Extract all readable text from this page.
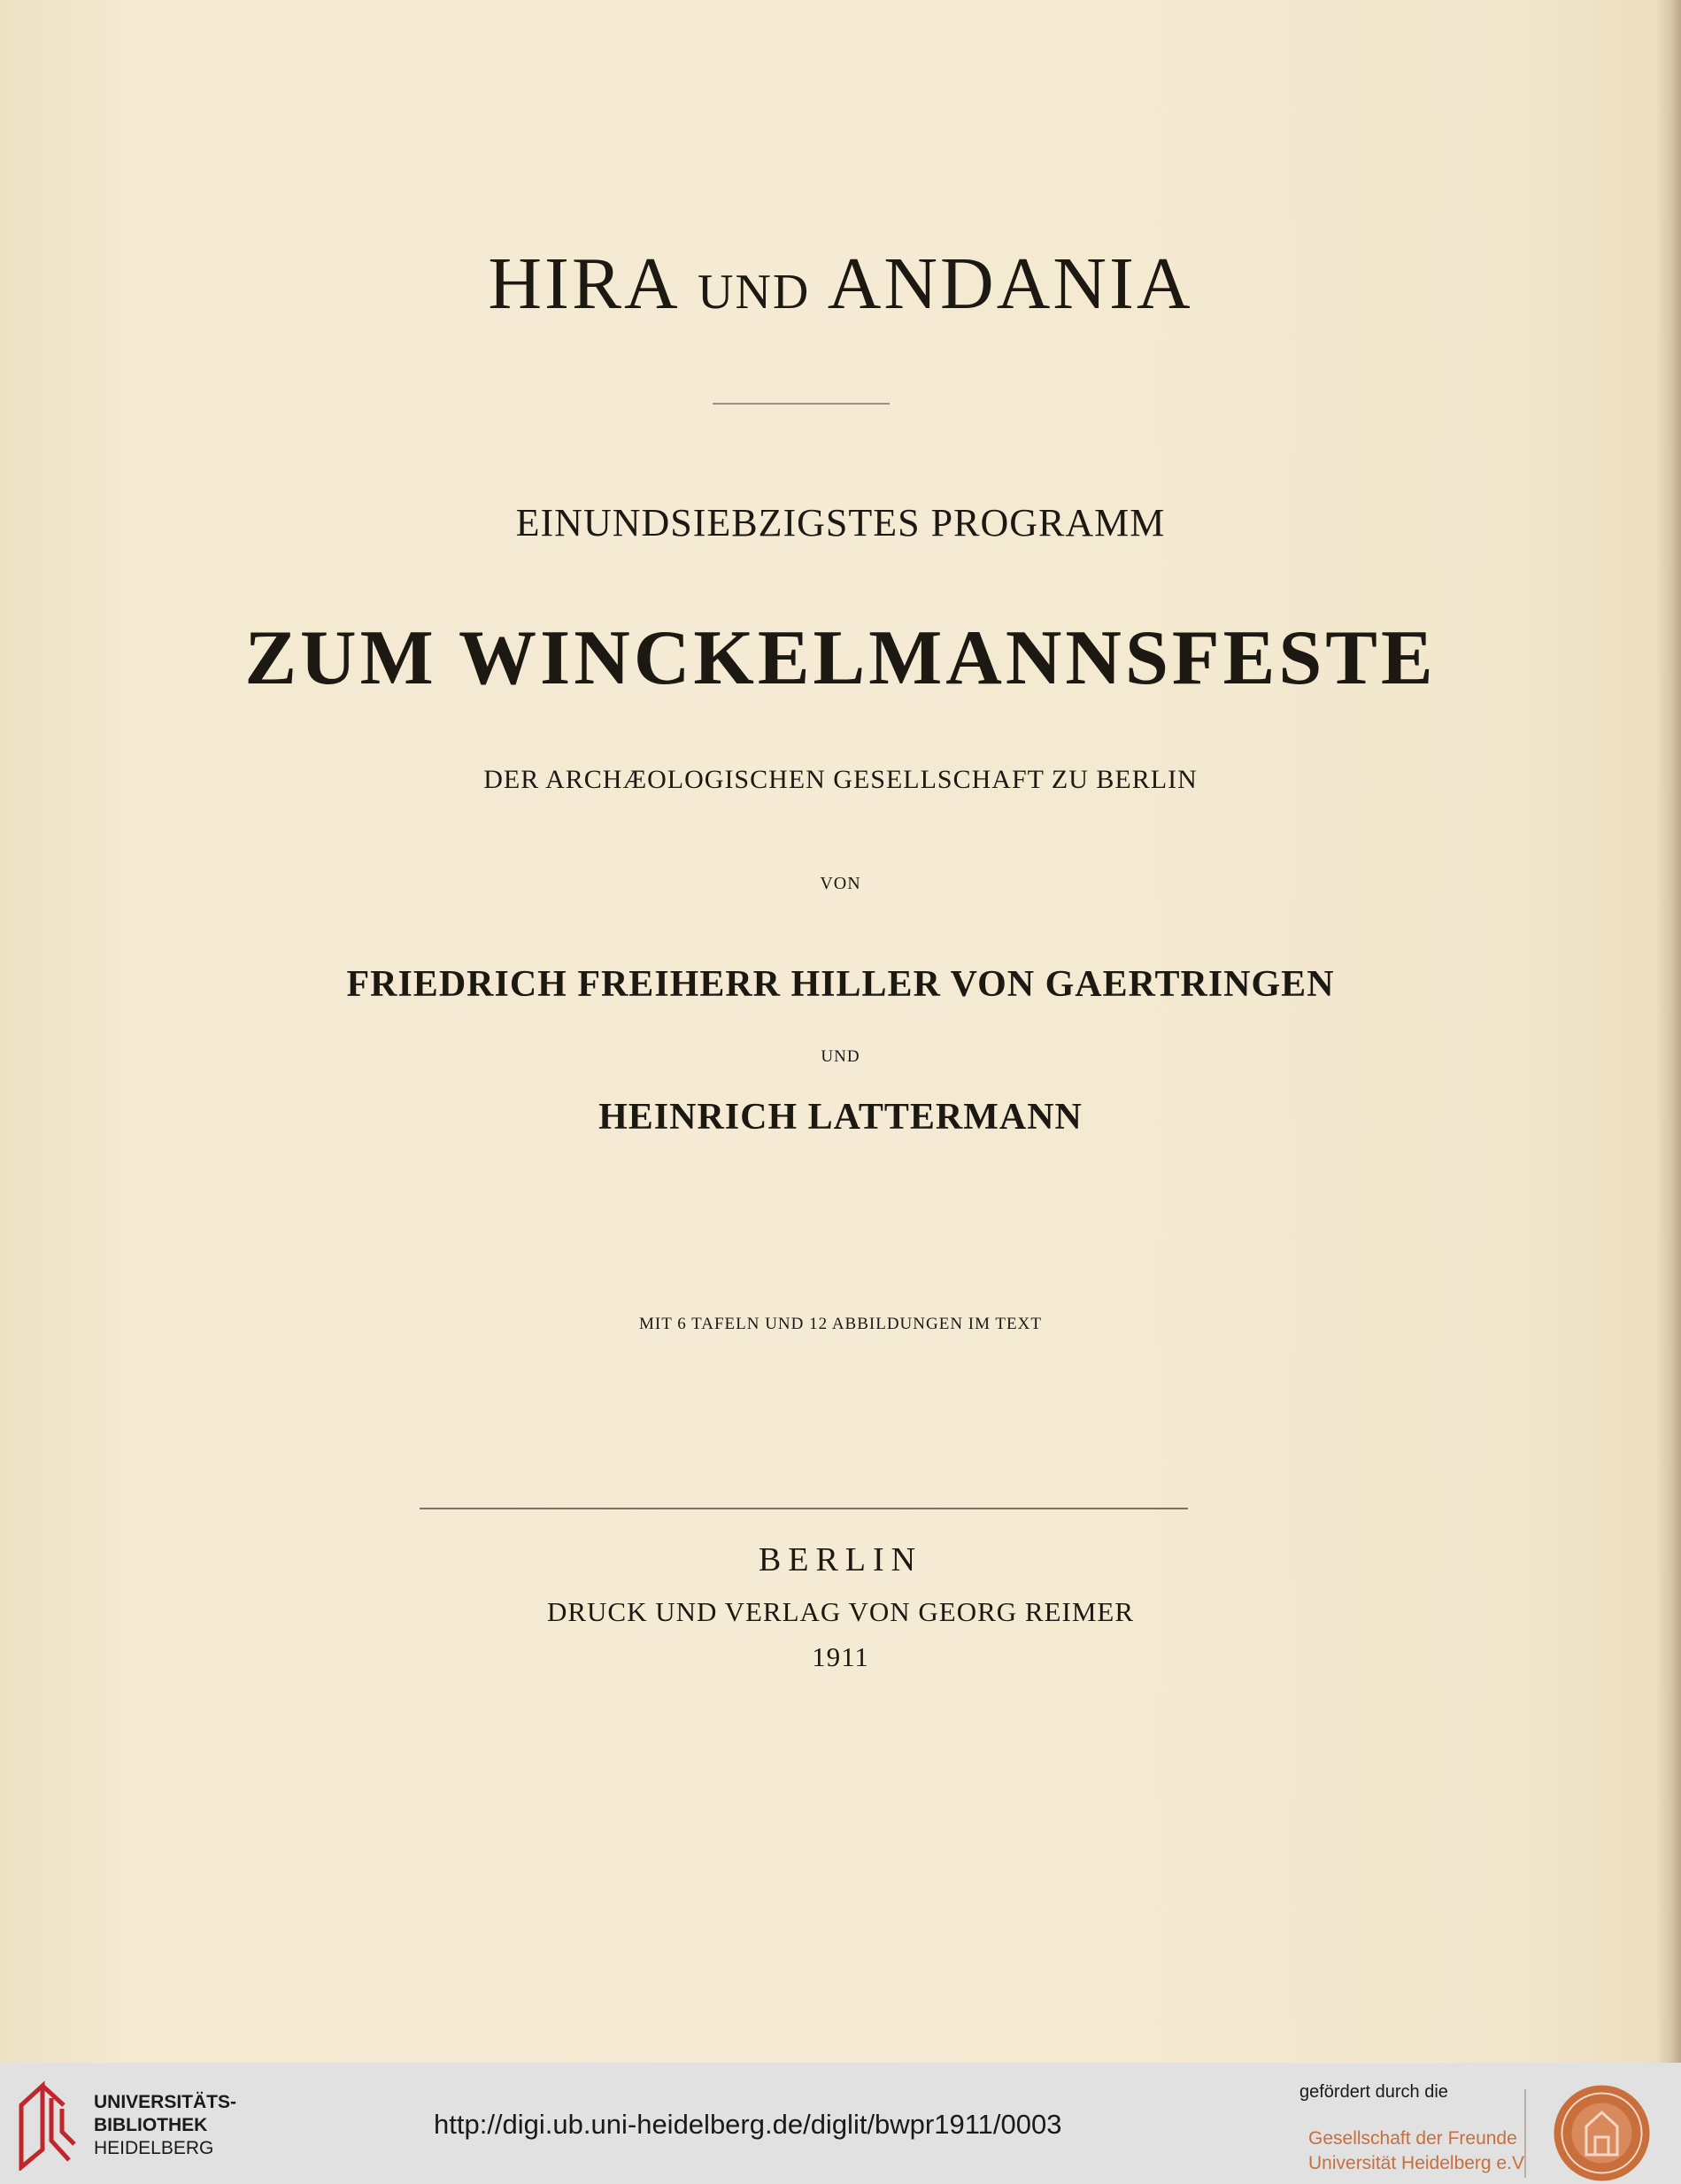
HIRA UND ANDANIA
EINUNDSIEBZIGSTES PROGRAMM
ZUM WINCKELMANNSFESTE
DER ARCHÆOLOGISCHEN GESELLSCHAFT ZU BERLIN
VON
FRIEDRICH FREIHERR HILLER VON GAERTRINGEN
UND
HEINRICH LATTERMANN
MIT 6 TAFELN UND 12 ABBILDUNGEN IM TEXT
BERLIN
DRUCK UND VERLAG VON GEORG REIMER
1911
UNIVERSITÄTS-
BIBLIOTHEK
HEIDELBERG
http://digi.ub.uni-heidelberg.de/diglit/bwpr1911/0003
gefördert durch die
Gesellschaft der Freunde
Universität Heidelberg e.V.
